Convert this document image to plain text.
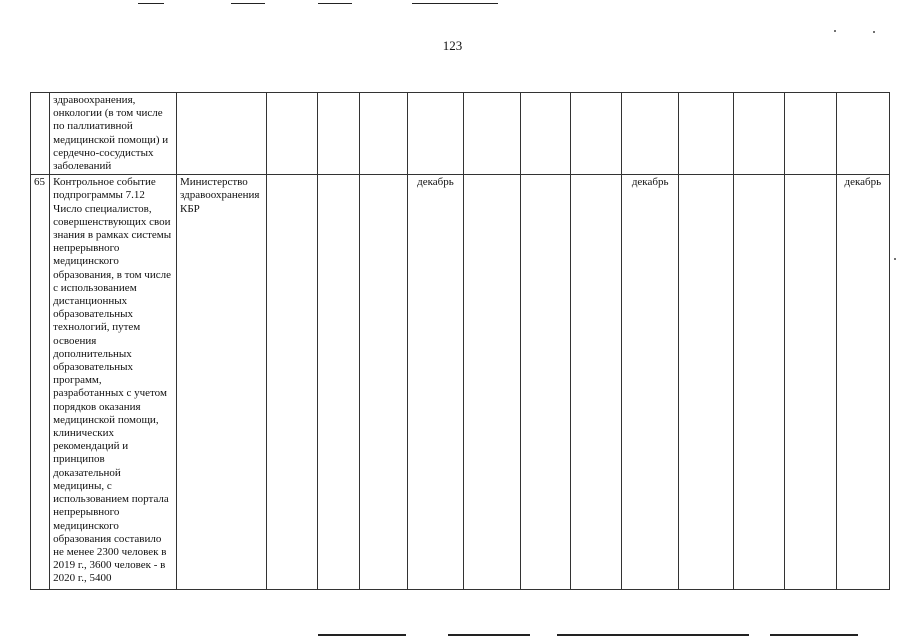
123
	здравоохранения, онкологии (в том числе по паллиативной медицинской помощи) и сердечно-сосудистых заболеваний													
65	Контрольное событие подпрограммы 7.12 Число специалистов, совершенствующих свои знания в рамках системы непрерывного медицинского образования, в том числе с использованием дистанционных образовательных технологий, путем освоения дополнительных образовательных программ, разработанных с учетом порядков оказания медицинской помощи, клинических рекомендаций и принципов доказательной медицины, с использованием портала непрерывного медицинского образования составило не менее 2300 человек в 2019 г., 3600 человек - в 2020 г., 5400	Министерство здравоохранения КБР				декабрь				декабрь				декабрь
